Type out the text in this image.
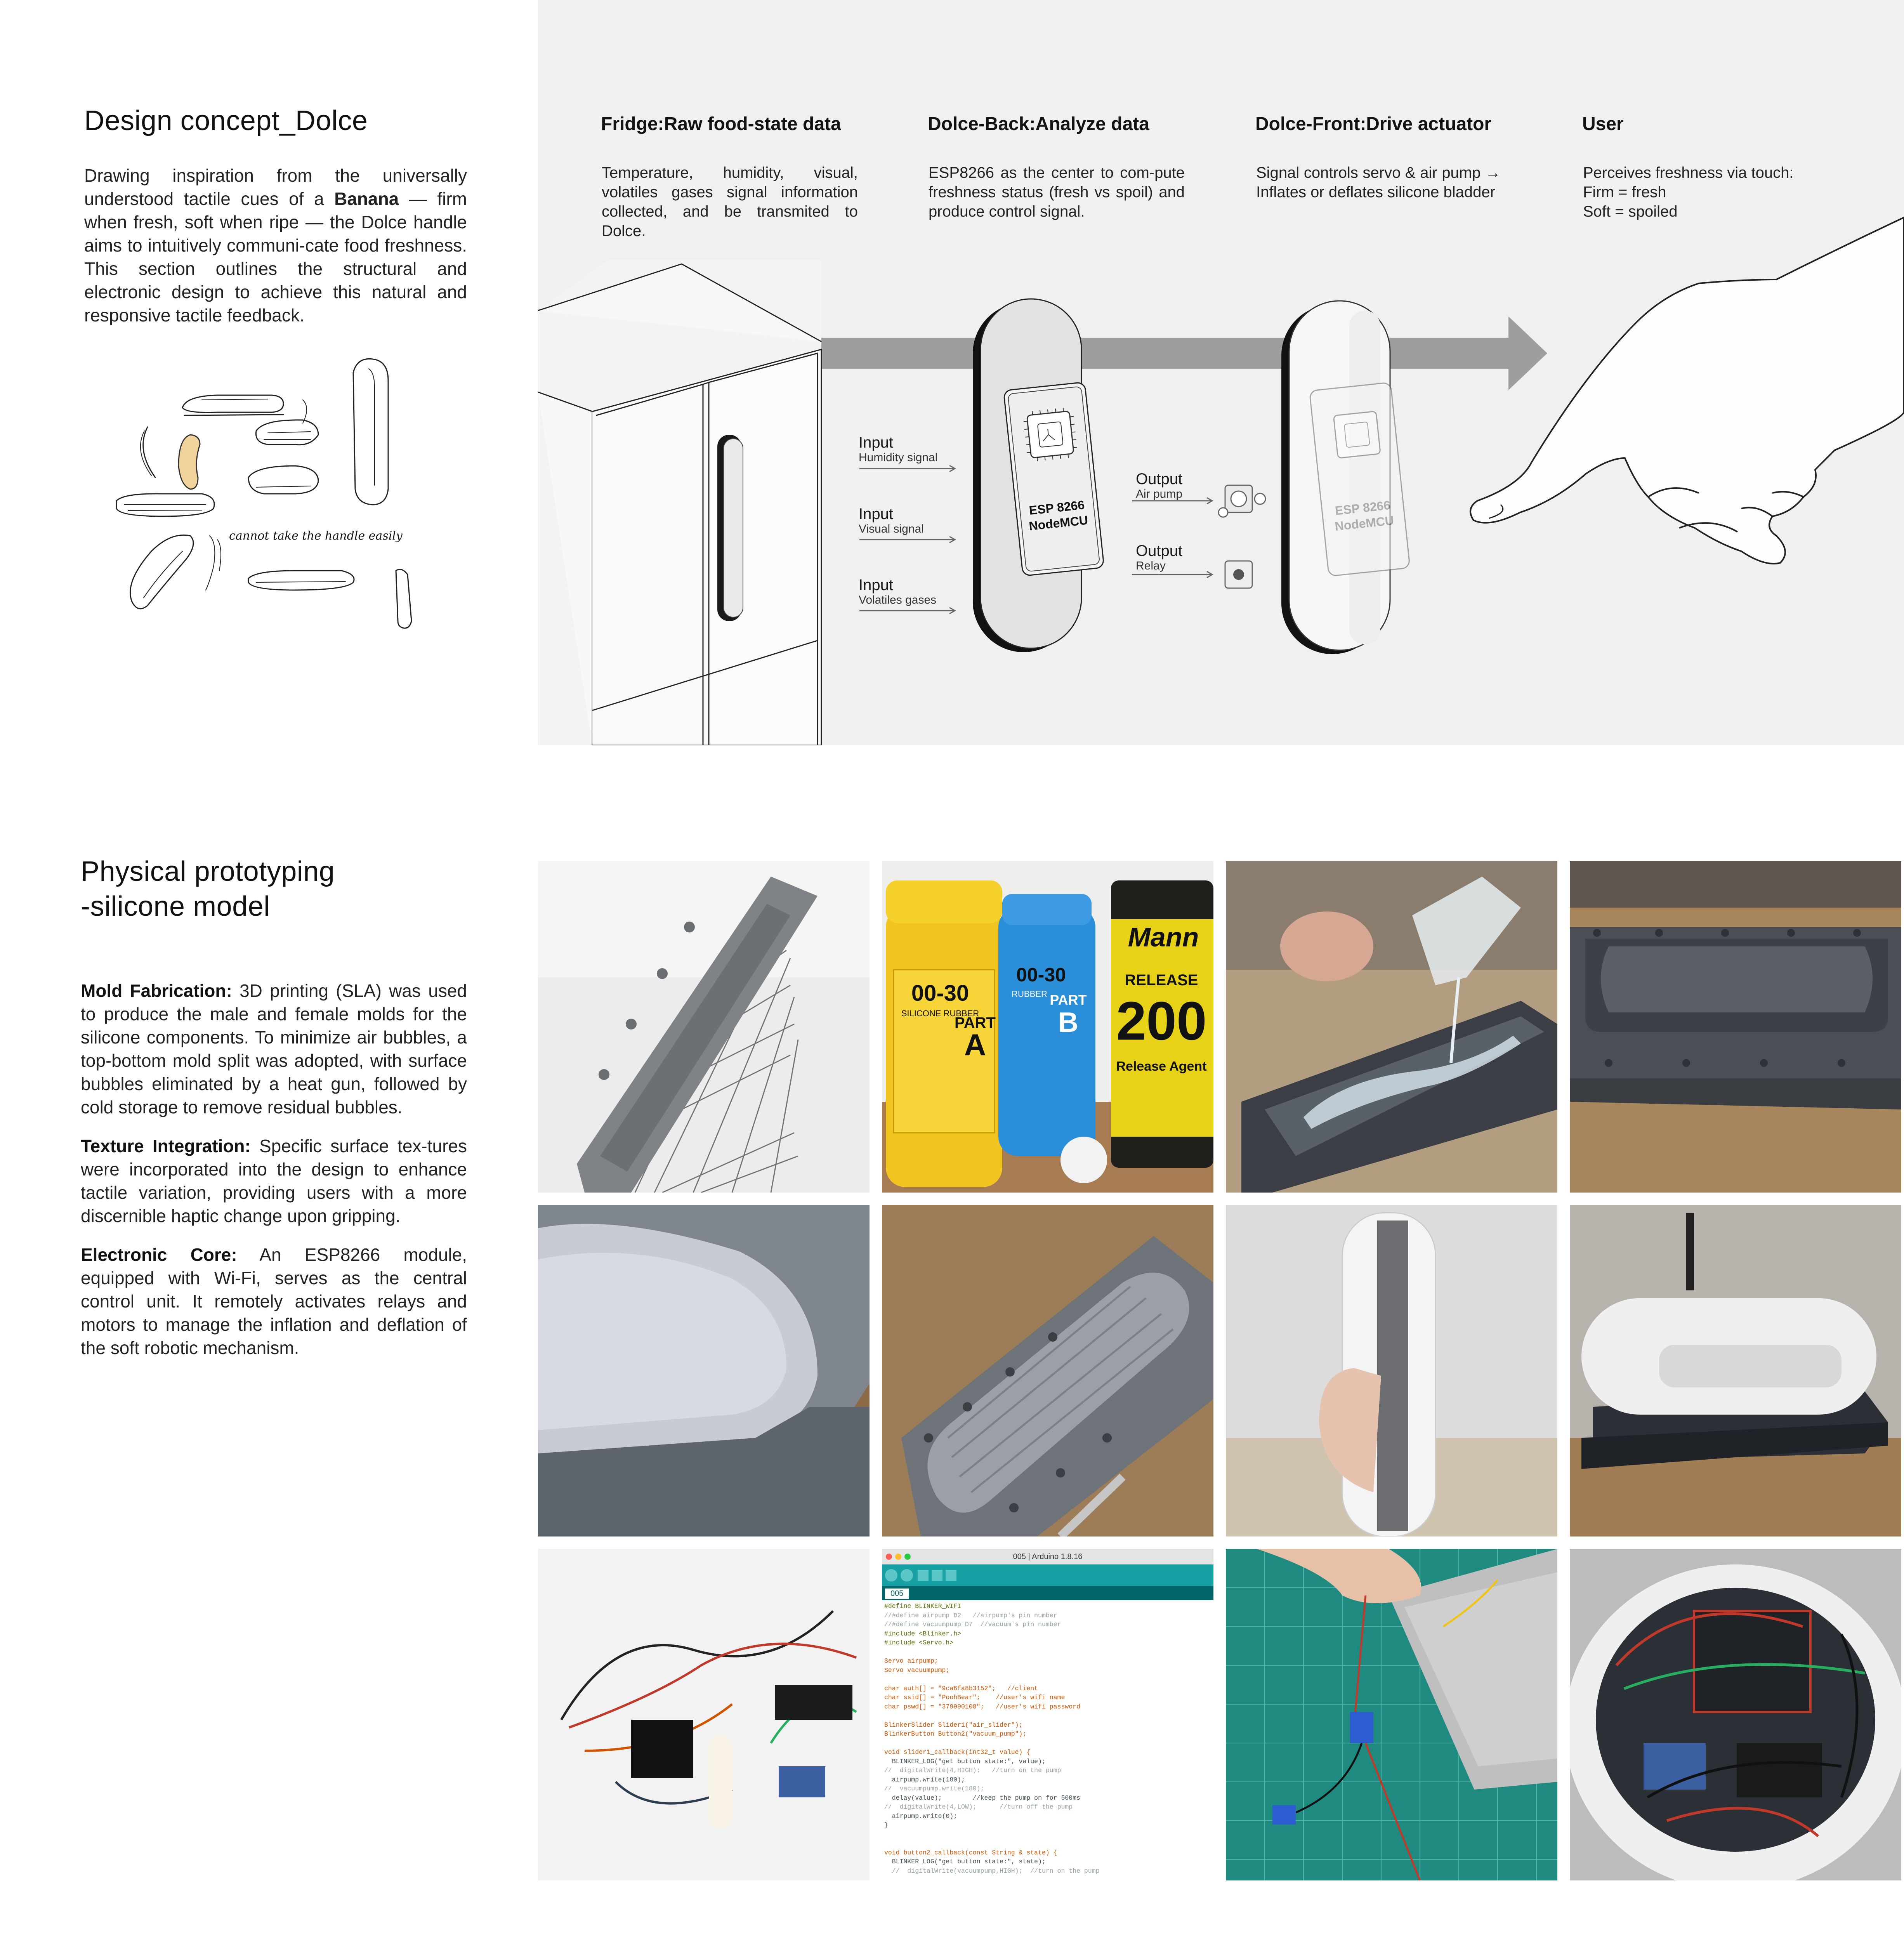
Design concept_Dolce
Drawing inspiration from the universally understood tactile cues of a Banana — firm when fresh, soft when ripe — the Dolce handle aims to intuitively communi-cate food freshness. This section outlines the structural and electronic design to achieve this natural and responsive tactile feedback.
cannot take the handle easily
Fridge:Raw food-state data
Temperature, humidity, visual, volatiles gases signal information collected, and be transmited to Dolce.
Dolce-Back:Analyze data
ESP8266 as the center to com-pute freshness status (fresh vs spoil) and produce control signal.
Dolce-Front:Drive actuator
Signal controls servo & air pump → Inflates or deflates silicone bladder
User
Perceives freshness via touch:
Firm = fresh
Soft = spoiled
ESP 8266
NodeMCU
ESP 8266
NodeMCU
Input
Humidity signal
Input
Visual signal
Input
Volatiles gases
Output
Air pump
Output
Relay
Physical prototyping
-silicone model

Mold Fabrication: 3D printing (SLA) was used to produce the male and female molds for the silicone components. To minimize air bubbles, a top-bottom mold split was adopted, with surface bubbles eliminated by a heat gun, followed by cold storage to remove residual bubbles.

Texture Integration: Specific surface tex-tures were incorporated into the design to enhance tactile variation, providing users with a more discernible haptic change upon gripping.

Electronic Core: An ESP8266 module, equipped with Wi-Fi, serves as the central control unit. It remotely activates relays and motors to manage the inflation and deflation of the soft robotic mechanism.

00-30
SILICONE RUBBER
PART
A
00-30
RUBBER PART
B
Mann
RELEASE
200
Release Agent
005 | Arduino 1.8.16
005
#define BLINKER_WIFI
//#define airpump D2   //airpump's pin number
//#define vacuumpump D7  //vacuum's pin number
#include <Blinker.h>
#include <Servo.h>

Servo airpump;
Servo vacuumpump;

char auth[] = "9ca6fa8b3152";   //client
char ssid[] = "PoohBear";    //user's wifi name
char pswd[] = "379990108";   //user's wifi password

BlinkerSlider Slider1("air_slider");
BlinkerButton Button2("vacuum_pump");

void slider1_callback(int32_t value) {
BLINKER_LOG("get button state:", value);
//  digitalWrite(4,HIGH);   //turn on the pump
airpump.write(180);
//  vacuumpump.write(180);
delay(value);        //keep the pump on for 500ms
//  digitalWrite(4,LOW);      //turn off the pump
airpump.write(0);
}

void button2_callback(const String & state) {
BLINKER_LOG("get button state:", state);
//  digitalWrite(vacuumpump,HIGH);  //turn on the pump
